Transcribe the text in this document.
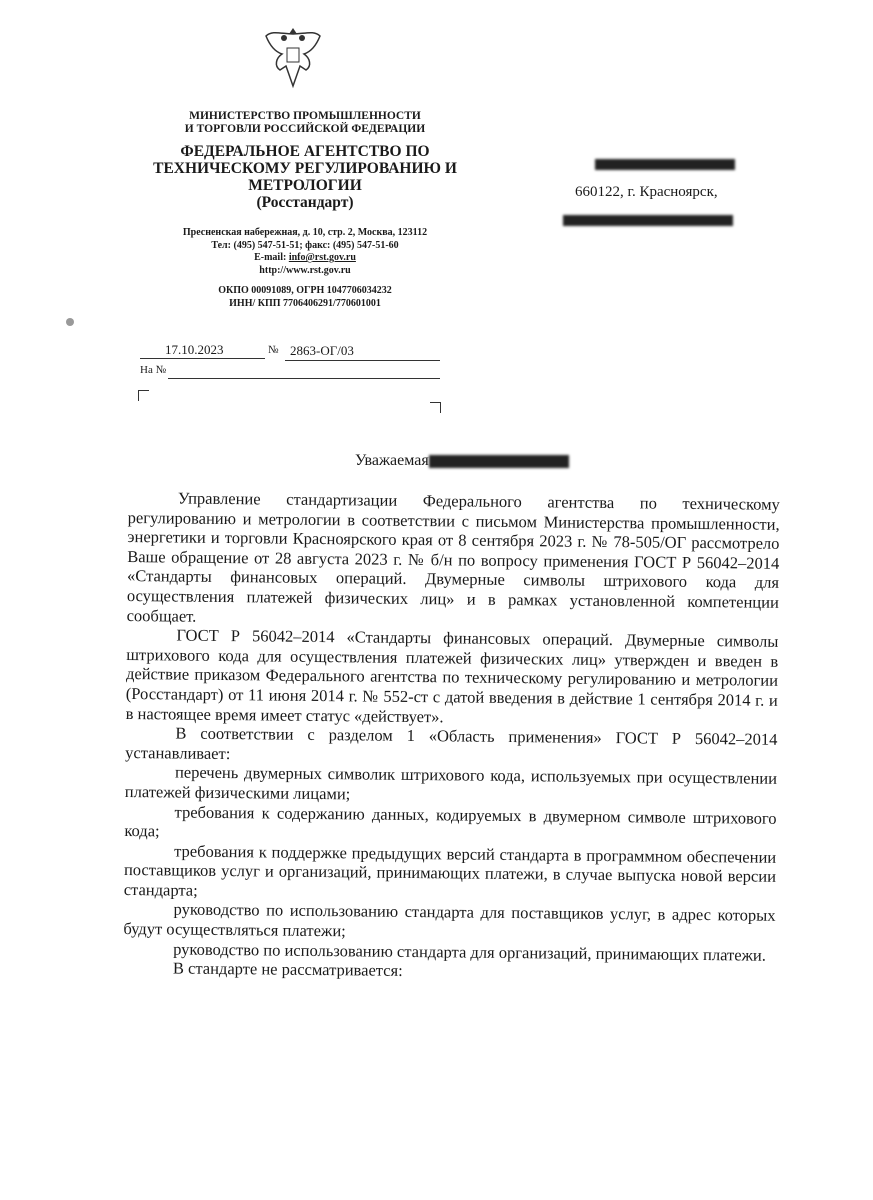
МИНИСТЕРСТВО ПРОМЫШЛЕННОСТИ
И ТОРГОВЛИ РОССИЙСКОЙ ФЕДЕРАЦИИ
ФЕДЕРАЛЬНОЕ АГЕНТСТВО ПО
ТЕХНИЧЕСКОМУ РЕГУЛИРОВАНИЮ И
МЕТРОЛОГИИ
(Росстандарт)
Пресненская набережная, д. 10, стр. 2, Москва, 123112
Тел: (495) 547-51-51; факс: (495) 547-51-60
E-mail: info@rst.gov.ru
http://www.rst.gov.ru
ОКПО 00091089, ОГРН 1047706034232
ИНН/ КПП 7706406291/770601001
660122, г. Красноярск,
17.10.2023	№ 2863-ОГ/03
На №
Уважаемая

Управление стандартизации Федерального агентства по техническому регулированию и метрологии в соответствии с письмом Министерства промышленности, энергетики и торговли Красноярского края от 8 сентября 2023 г. № 78-505/ОГ рассмотрело Ваше обращение от 28 августа 2023 г. № б/н по вопросу применения ГОСТ Р 56042–2014 «Стандарты финансовых операций. Двумерные символы штрихового кода для осуществления платежей физических лиц» и в рамках установленной компетенции сообщает.

ГОСТ Р 56042–2014 «Стандарты финансовых операций. Двумерные символы штрихового кода для осуществления платежей физических лиц» утвержден и введен в действие приказом Федерального агентства по техническому регулированию и метрологии (Росстандарт) от 11 июня 2014 г. № 552-ст с датой введения в действие 1 сентября 2014 г. и в настоящее время имеет статус «действует».

В соответствии с разделом 1 «Область применения» ГОСТ Р 56042–2014 устанавливает:

перечень двумерных символик штрихового кода, используемых при осуществлении платежей физическими лицами;

требования к содержанию данных, кодируемых в двумерном символе штрихового кода;

требования к поддержке предыдущих версий стандарта в программном обеспечении поставщиков услуг и организаций, принимающих платежи, в случае выпуска новой версии стандарта;

руководство по использованию стандарта для поставщиков услуг, в адрес которых будут осуществляться платежи;

руководство по использованию стандарта для организаций, принимающих платежи.

В стандарте не рассматривается:
